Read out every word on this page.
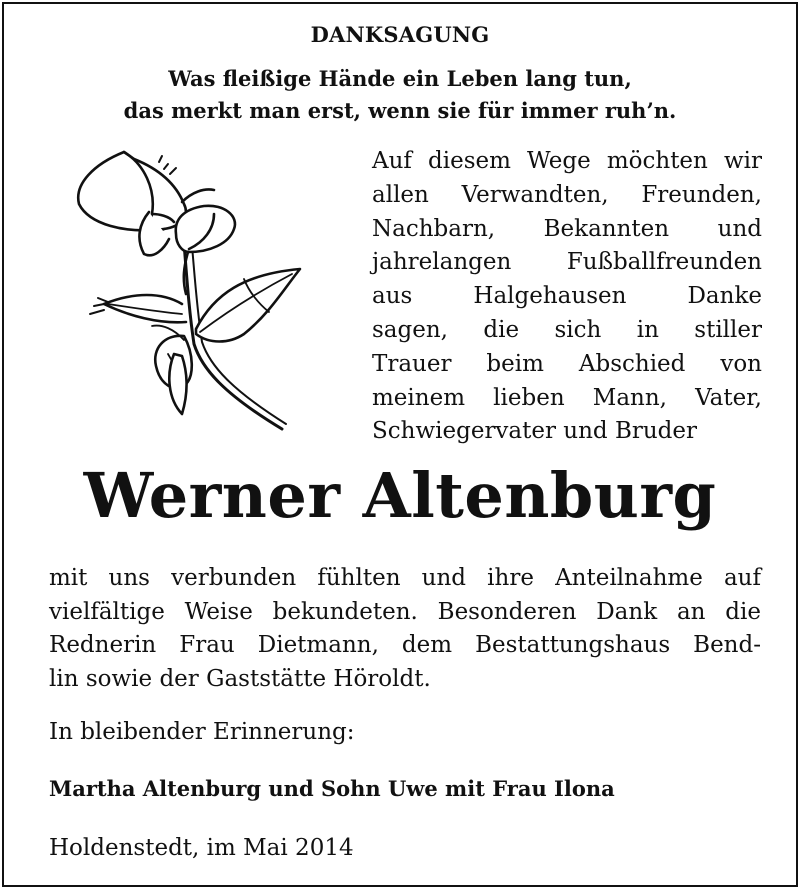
DANKSAGUNG
Was fleißige Hände ein Leben lang tun,
das merkt man erst, wenn sie für immer ruh’n.
Auf diesem Wege möchten wir
allen Verwandten, Freunden,
Nachbarn, Bekannten und
jahrelangen Fußballfreunden
aus Halgehausen Danke
sagen, die sich in stiller
Trauer beim Abschied von
meinem lieben Mann, Vater,
Schwiegervater und Bruder
Werner Altenburg
mit uns verbunden fühlten und ihre Anteilnahme auf
vielfältige Weise bekundeten. Besonderen Dank an die
Rednerin Frau Dietmann, dem Bestattungshaus Bend-
lin sowie der Gaststätte Höroldt.
In bleibender Erinnerung:
Martha Altenburg und Sohn Uwe mit Frau Ilona
Holdenstedt, im Mai 2014
